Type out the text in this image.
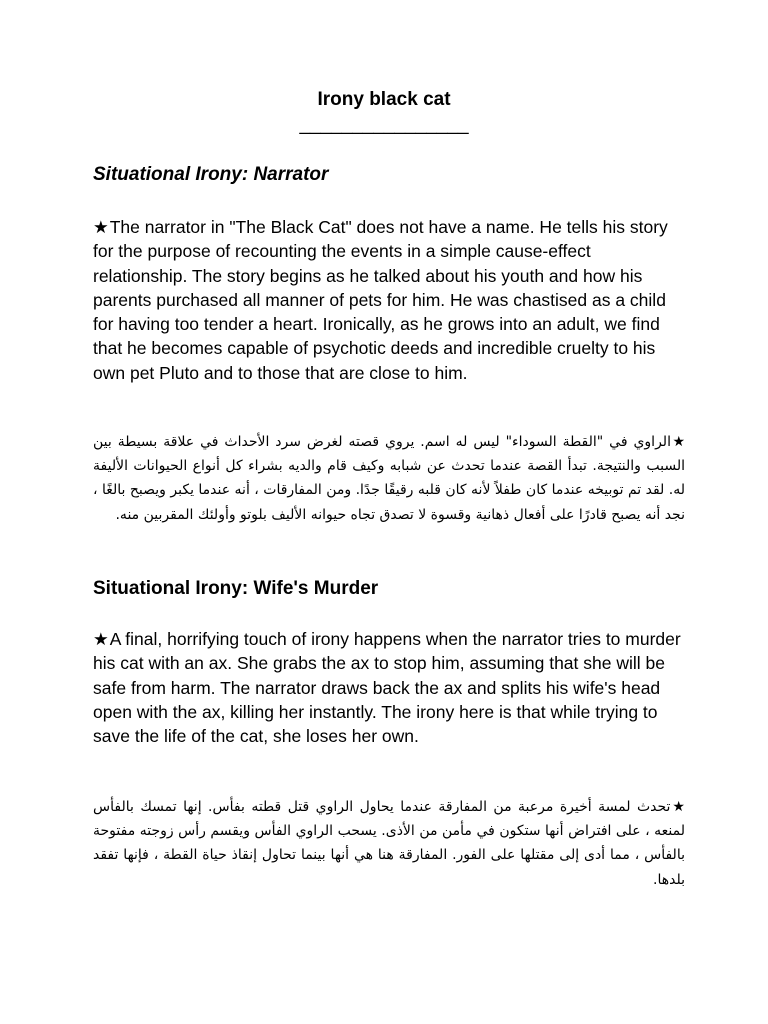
Irony black cat
________________
Situational Irony: Narrator

★The narrator in "The Black Cat" does not have a name. He tells his story for the purpose of recounting the events in a simple cause-effect relationship. The story begins as he talked about his youth and how his parents purchased all manner of pets for him. He was chastised as a child for having too tender a heart. Ironically, as he grows into an adult, we find that he becomes capable of psychotic deeds and incredible cruelty to his own pet Pluto and to those that are close to him.

★الراوي في "القطة السوداء" ليس له اسم. يروي قصته لغرض سرد الأحداث في علاقة بسيطة بين السبب والنتيجة. تبدأ القصة عندما تحدث عن شبابه وكيف قام والديه بشراء كل أنواع الحيوانات الأليفة له. لقد تم توبيخه عندما كان طفلاً لأنه كان قلبه رقيقًا جدًا. ومن المفارقات ، أنه عندما يكبر ويصبح بالغًا ، نجد أنه يصبح قادرًا على أفعال ذهانية وقسوة لا تصدق تجاه حيوانه الأليف بلوتو وأولئك المقربين منه.

Situational Irony: Wife's Murder

★A final, horrifying touch of irony happens when the narrator tries to murder his cat with an ax. She grabs the ax to stop him, assuming that she will be safe from harm. The narrator draws back the ax and splits his wife's head open with the ax, killing her instantly. The irony here is that while trying to save the life of the cat, she loses her own.

★تحدث لمسة أخيرة مرعبة من المفارقة عندما يحاول الراوي قتل قطته بفأس. إنها تمسك بالفأس لمنعه ، على افتراض أنها ستكون في مأمن من الأذى. يسحب الراوي الفأس ويقسم رأس زوجته مفتوحة بالفأس ، مما أدى إلى مقتلها على الفور. المفارقة هنا هي أنها بينما تحاول إنقاذ حياة القطة ، فإنها تفقد بلدها.
